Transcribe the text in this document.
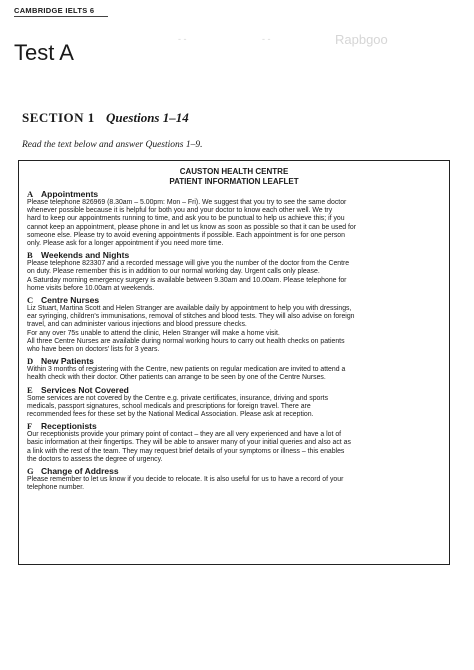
CAMBRIDGE IELTS 6
Test A
- -	- -	Rapbgoo
SECTION 1 Questions 1–14
Read the text below and answer Questions 1–9.
CAUSTON HEALTH CENTRE
PATIENT INFORMATION LEAFLET
A Appointments
Please telephone 826969 (8.30am – 5.00pm: Mon – Fri). We suggest that you try to see the same doctor
whenever possible because it is helpful for both you and your doctor to know each other well. We try
hard to keep our appointments running to time, and ask you to be punctual to help us achieve this; if you
cannot keep an appointment, please phone in and let us know as soon as possible so that it can be used for
someone else. Please try to avoid evening appointments if possible. Each appointment is for one person
only. Please ask for a longer appointment if you need more time.
B Weekends and Nights
Please telephone 823307 and a recorded message will give you the number of the doctor from the Centre
on duty. Please remember this is in addition to our normal working day. Urgent calls only please.
A Saturday morning emergency surgery is available between 9.30am and 10.00am. Please telephone for
home visits before 10.00am at weekends.
C Centre Nurses
Liz Stuart, Martina Scott and Helen Stranger are available daily by appointment to help you with dressings,
ear syringing, children's immunisations, removal of stitches and blood tests. They will also advise on foreign
travel, and can administer various injections and blood pressure checks.
For any over 75s unable to attend the clinic, Helen Stranger will make a home visit.
All three Centre Nurses are available during normal working hours to carry out health checks on patients
who have been on doctors' lists for 3 years.
D New Patients
Within 3 months of registering with the Centre, new patients on regular medication are invited to attend a
health check with their doctor. Other patients can arrange to be seen by one of the Centre Nurses.
E Services Not Covered
Some services are not covered by the Centre e.g. private certificates, insurance, driving and sports
medicals, passport signatures, school medicals and prescriptions for foreign travel. There are
recommended fees for these set by the National Medical Association. Please ask at reception.
F Receptionists
Our receptionists provide your primary point of contact – they are all very experienced and have a lot of
basic information at their fingertips. They will be able to answer many of your initial queries and also act as
a link with the rest of the team. They may request brief details of your symptoms or illness – this enables
the doctors to assess the degree of urgency.
G Change of Address
Please remember to let us know if you decide to relocate. It is also useful for us to have a record of your
telephone number.
